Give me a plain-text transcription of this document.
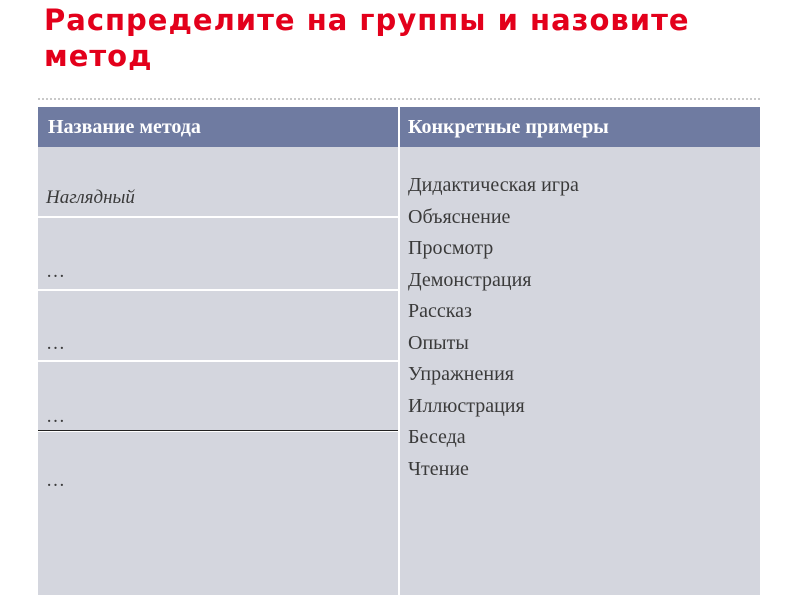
Распределите на группы и назовите метод
Название метода	Конкретные примеры
Наглядный
…
…
…
…
Дидактическая игра
Объяснение
Просмотр
Демонстрация
Рассказ
Опыты
Упражнения
Иллюстрация
Беседа
Чтение
